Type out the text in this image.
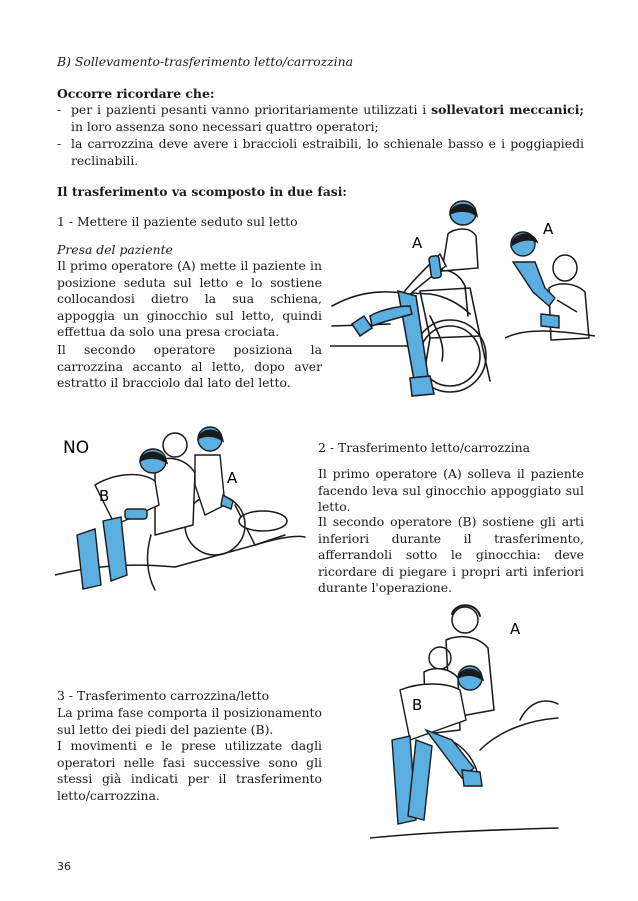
B) Sollevamento-trasferimento letto/carrozzina
Occorre ricordare che:
- per i pazienti pesanti vanno prioritariamente utilizzati i sollevatori meccanici; in loro assenza sono necessari quattro operatori;
- la carrozzina deve avere i braccioli estraibili, lo schienale basso e i poggiapiedi reclinabili.
Il trasferimento va scomposto in due fasi:
1 - Mettere il paziente seduto sul letto
Presa del paziente
Il primo operatore (A) mette il paziente in posizione seduta sul letto e lo sostiene collocandosi dietro la sua schiena, appoggia un ginocchio sul letto, quindi effettua da solo una presa crociata.
Il secondo operatore posiziona la carrozzina accanto al letto, dopo aver estratto il bracciolo dal lato del letto.
2 - Trasferimento letto/carrozzina
Il primo operatore (A) solleva il paziente facendo leva sul ginocchio appoggiato sul letto.
Il secondo operatore (B) sostiene gli arti inferiori durante il trasferimento, afferrandoli sotto le ginocchia: deve ricordare di piegare i propri arti inferiori durante l'operazione.
3 - Trasferimento carrozzina/letto
La prima fase comporta il posizionamento sul letto dei piedi del paziente (B).
I movimenti e le prese utilizzate dagli operatori nelle fasi successive sono gli stessi già indicati per il trasferimento letto/carrozzina.
A
A
NO
A
B
A
B
36
